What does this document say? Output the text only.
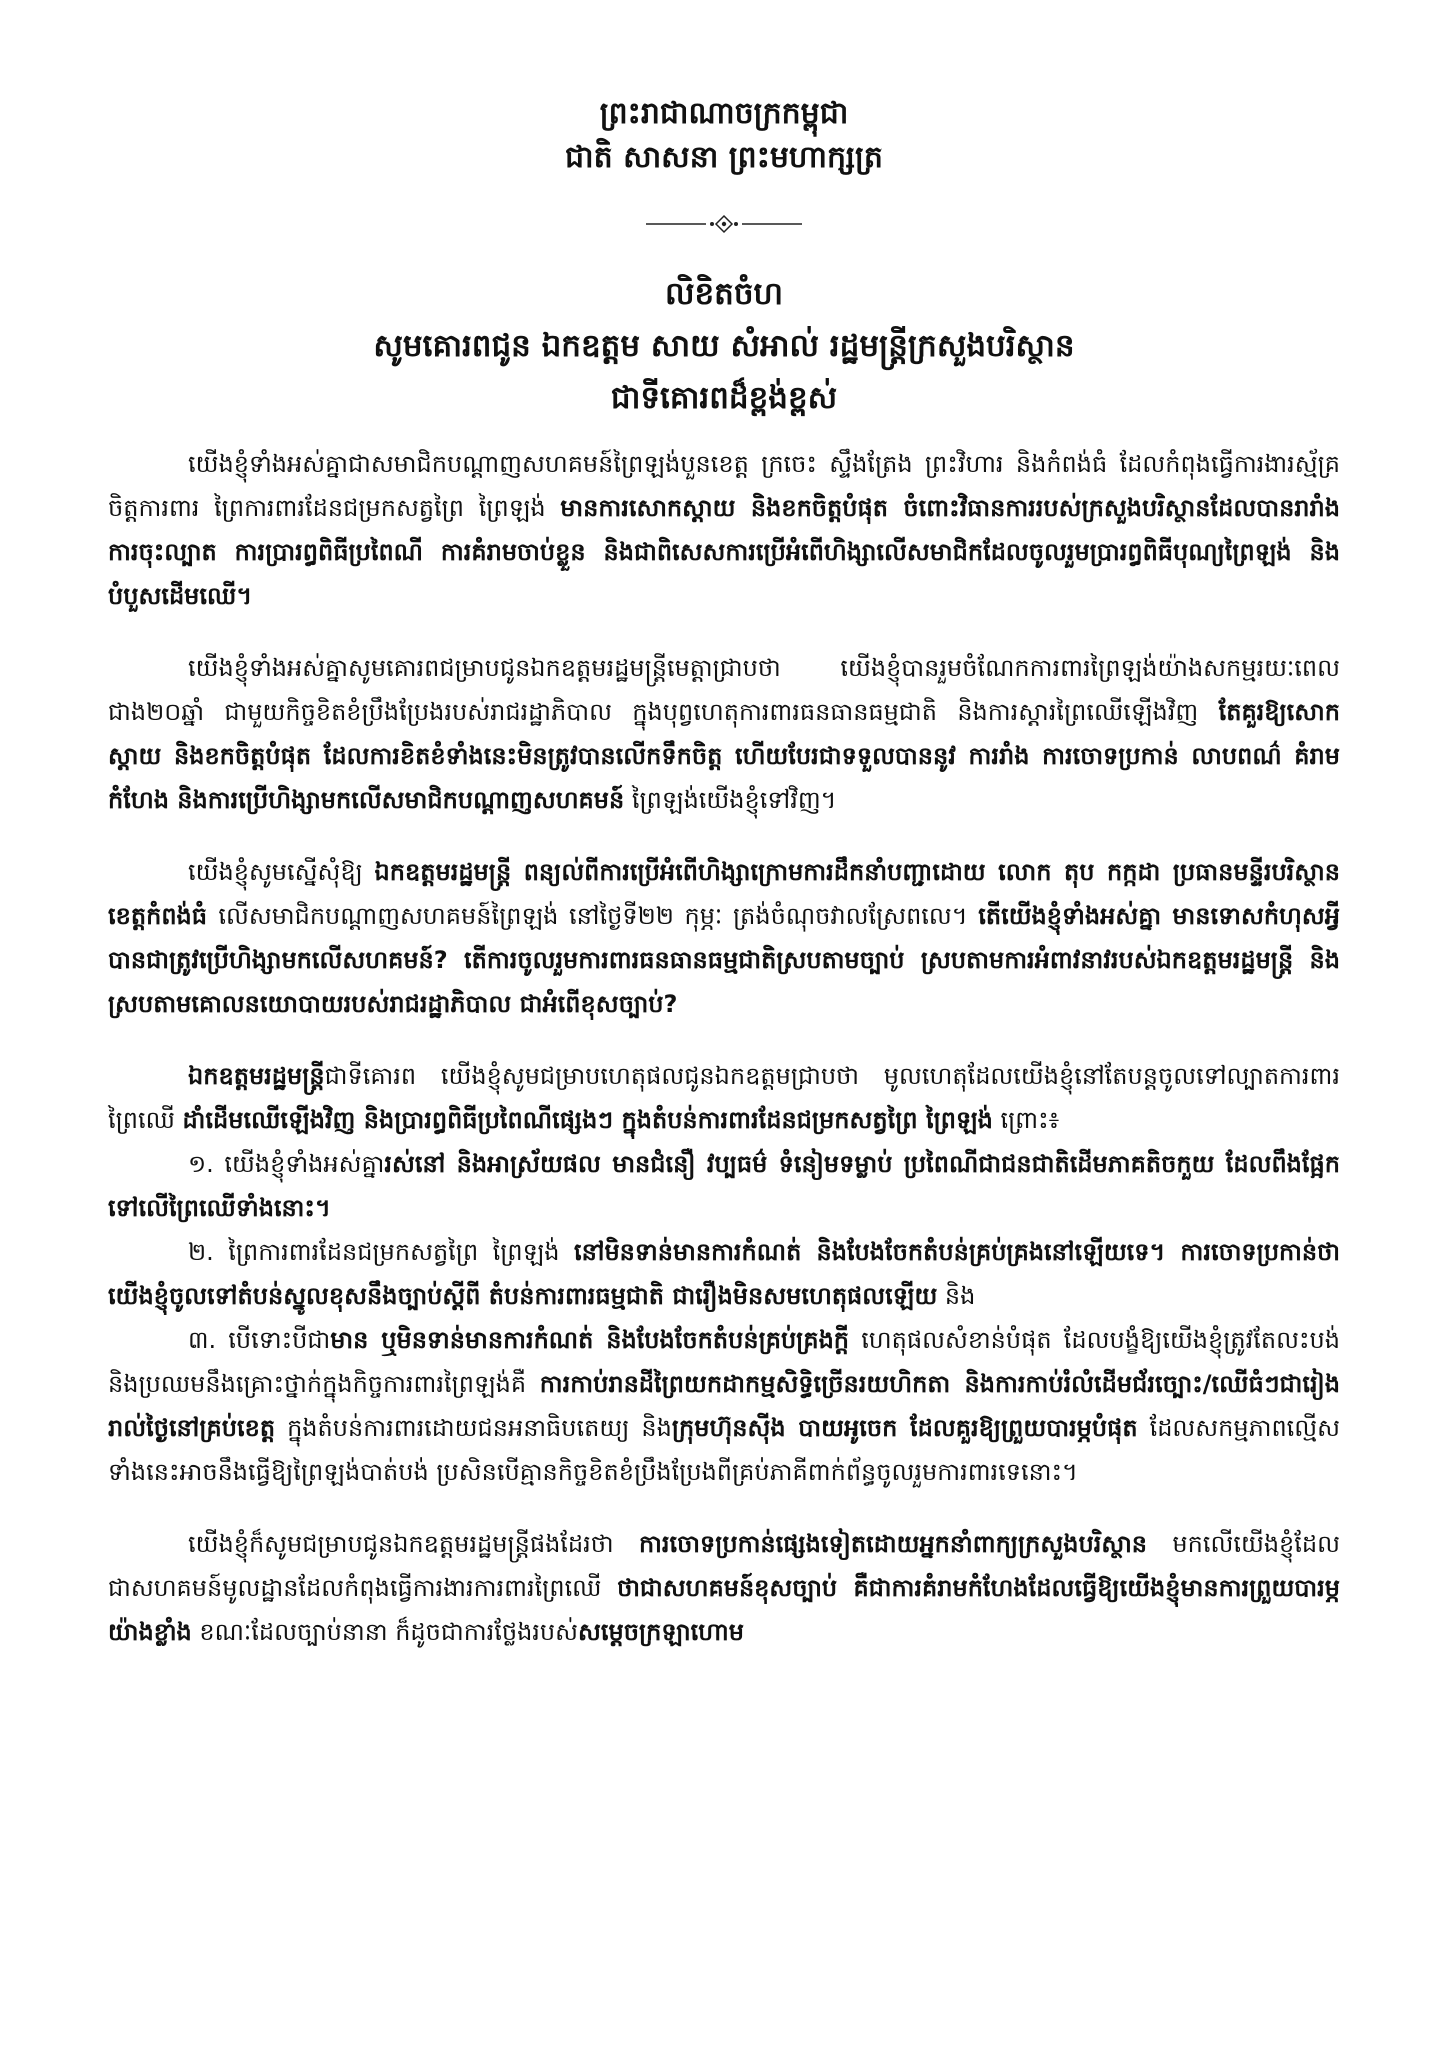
ព្រះរាជាណាចក្រកម្ពុជា
ជាតិ សាសនា ព្រះមហាក្សត្រ
លិខិតចំហ
សូមគោរពជូន ឯកឧត្តម សាយ សំអាល់ រដ្ឋមន្ត្រីក្រសួងបរិស្ថាន
ជាទីគោរពដ៏ខ្ពង់ខ្ពស់

យើងខ្ញុំទាំងអស់គ្នាជាសមាជិកបណ្តាញសហគមន៍ព្រៃឡង់បួនខេត្ត ក្រចេះ ស្ទឹងត្រែង ព្រះវិហារ និងកំពង់ធំ ដែលកំពុងធ្វើការងារស្ម័គ្រចិត្តការពារ ព្រៃការពារដែនជម្រកសត្វព្រៃ ព្រៃឡង់ មានការសោកស្តាយ និងខកចិត្តបំផុត ចំពោះវិធានការរបស់ក្រសួងបរិស្ថានដែលបានរារាំង ការចុះល្បាត ការប្រារព្ធពិធីប្រពៃណី ការគំរាមចាប់ខ្លួន និងជាពិសេសការប្រើអំពើហិង្សាលើសមាជិកដែលចូលរួមប្រារព្ធពិធីបុណ្យព្រៃឡង់ និងបំបួសដើមឈើ។

យើងខ្ញុំទាំងអស់គ្នាសូមគោរពជម្រាបជូនឯកឧត្តមរដ្ឋមន្ត្រីមេត្តាជ្រាបថា យើងខ្ញុំបានរួមចំណែកការពារព្រៃឡង់យ៉ាងសកម្មរយៈពេលជាង២០ឆ្នាំ ជាមួយកិច្ចខិតខំប្រឹងប្រែងរបស់រាជរដ្ឋាភិបាល ក្នុងបុព្វហេតុការពារធនធានធម្មជាតិ និងការស្តារព្រៃឈើឡើងវិញ តែគួរឱ្យសោកស្តាយ និងខកចិត្តបំផុត ដែលការខិតខំទាំងនេះមិនត្រូវបានលើកទឹកចិត្ត ហើយបែរជាទទួលបាននូវ ការរាំង ការចោទប្រកាន់ លាបពណ៌ គំរាមកំហែង និងការប្រើហិង្សាមកលើសមាជិកបណ្តាញសហគមន៍ ព្រៃឡង់យើងខ្ញុំទៅវិញ។

យើងខ្ញុំសូមស្នើសុំឱ្យ ឯកឧត្តមរដ្ឋមន្ត្រី ពន្យល់ពីការប្រើអំពើហិង្សាក្រោមការដឹកនាំបញ្ជាដោយ លោក តុប កក្កដា ប្រធានមន្ទីរបរិស្ថានខេត្តកំពង់ធំ លើសមាជិកបណ្តាញសហគមន៍ព្រៃឡង់ នៅថ្ងៃទី២២ កុម្ភៈ ត្រង់ចំណុចវាលស្រែពលេ។ តើយើងខ្ញុំទាំងអស់គ្នា មានទោសកំហុសអ្វីបានជាត្រូវប្រើហិង្សាមកលើសហគមន៍? តើការចូលរួមការពារធនធានធម្មជាតិស្របតាមច្បាប់ ស្របតាមការអំពាវនាវរបស់ឯកឧត្តមរដ្ឋមន្ត្រី និងស្របតាមគោលនយោបាយរបស់រាជរដ្ឋាភិបាល ជាអំពើខុសច្បាប់?

ឯកឧត្តមរដ្ឋមន្ត្រីជាទីគោរព យើងខ្ញុំសូមជម្រាបហេតុផលជូនឯកឧត្តមជ្រាបថា មូលហេតុដែលយើងខ្ញុំនៅតែបន្តចូលទៅល្បាតការពារព្រៃឈើ ដាំដើមឈើឡើងវិញ និងប្រារព្ធពិធីប្រពៃណីផ្សេងៗ ក្នុងតំបន់ការពារដែនជម្រកសត្វព្រៃ ព្រៃឡង់ ព្រោះ៖

១. យើងខ្ញុំទាំងអស់គ្នារស់នៅ និងអាស្រ័យផល មានជំនឿ វប្បធម៌ ទំនៀមទម្លាប់ ប្រពៃណីជាជនជាតិដើមភាគតិចកួយ ដែលពឹងផ្អែកទៅលើព្រៃឈើទាំងនោះ។

២. ព្រៃការពារដែនជម្រកសត្វព្រៃ ព្រៃឡង់ នៅមិនទាន់មានការកំណត់ និងបែងចែកតំបន់គ្រប់គ្រងនៅឡើយទេ។ ការចោទប្រកាន់ថា យើងខ្ញុំចូលទៅតំបន់ស្នូលខុសនឹងច្បាប់ស្តីពី តំបន់ការពារធម្មជាតិ ជារឿងមិនសមហេតុផលឡើយ និង

៣. បើទោះបីជាមាន ឬមិនទាន់មានការកំណត់ និងបែងចែកតំបន់គ្រប់គ្រងក្តី ហេតុផលសំខាន់បំផុត ដែលបង្ខំឱ្យយើងខ្ញុំត្រូវតែលះបង់ និងប្រឈមនឹងគ្រោះថ្នាក់ក្នុងកិច្ចការពារព្រៃឡង់គឺ ការកាប់រានដីព្រៃយកដាកម្មសិទ្ធិច្រើនរយហិកតា និងការកាប់រំលំដើមជ័រច្បោះ/ឈើធំៗជារៀងរាល់ថ្ងៃនៅគ្រប់ខេត្ត ក្នុងតំបន់ការពារដោយជនអនាធិបតេយ្យ និងក្រុមហ៊ុនស៊ីង បាយអូចេក ដែលគួរឱ្យព្រួយបារម្ភបំផុត ដែលសកម្មភាពល្មើសទាំងនេះអាចនឹងធ្វើឱ្យព្រៃឡង់បាត់បង់ ប្រសិនបើគ្មានកិច្ចខិតខំប្រឹងប្រែងពីគ្រប់ភាគីពាក់ព័ន្ធចូលរួមការពារទេនោះ។

យើងខ្ញុំក៏សូមជម្រាបជូនឯកឧត្តមរដ្ឋមន្ត្រីផងដែរថា ការចោទប្រកាន់ផ្សេងទៀតដោយអ្នកនាំពាក្យក្រសួងបរិស្ថាន មកលើយើងខ្ញុំដែលជាសហគមន៍មូលដ្ឋានដែលកំពុងធ្វើការងារការពារព្រៃឈើ ថាជាសហគមន៍ខុសច្បាប់ គឺជាការគំរាមកំហែងដែលធ្វើឱ្យយើងខ្ញុំមានការព្រួយបារម្ភយ៉ាងខ្លាំង ខណៈដែលច្បាប់នានា ក៏ដូចជាការថ្លែងរបស់សម្តេចក្រឡាហោម
